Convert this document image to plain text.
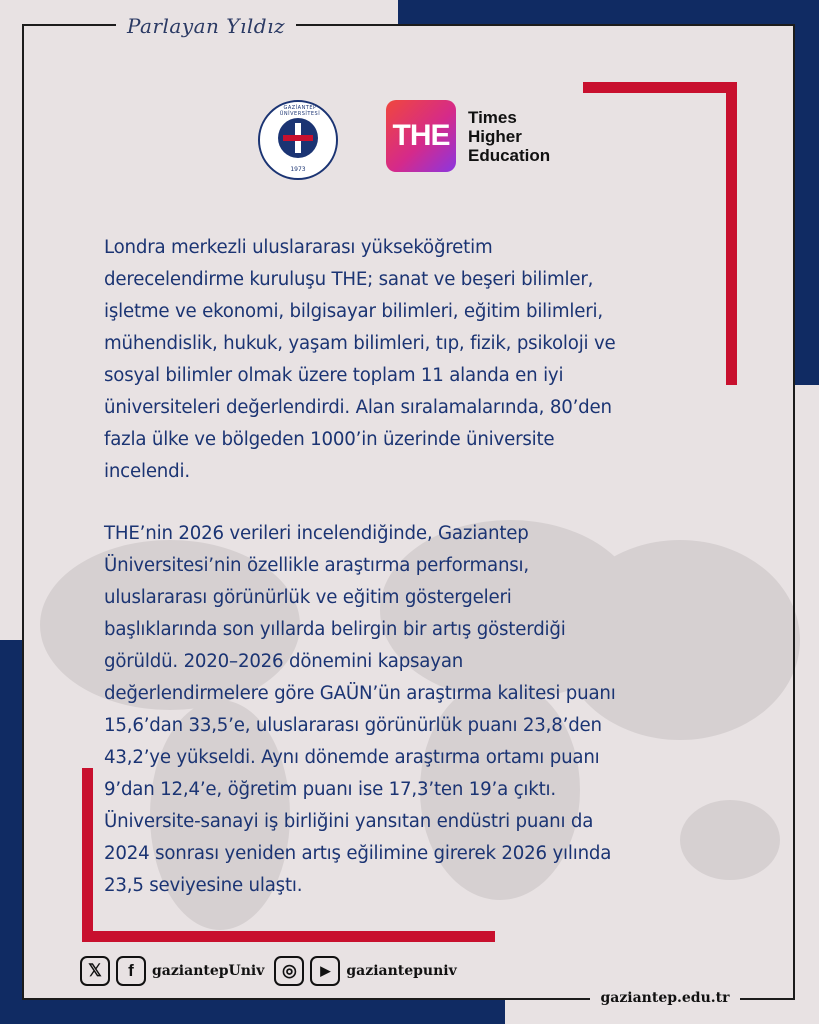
Parlayan Yıldız
GAZİANTEP ÜNİVERSİTESİ
1973
THE
Times
Higher
Education

Londra merkezli uluslararası yükseköğretim

derecelendirme kuruluşu THE; sanat ve beşeri bilimler,

işletme ve ekonomi, bilgisayar bilimleri, eğitim bilimleri,

mühendislik, hukuk, yaşam bilimleri, tıp, fizik, psikoloji ve

sosyal bilimler olmak üzere toplam 11 alanda en iyi

üniversiteleri değerlendirdi. Alan sıralamalarında, 80’den

fazla ülke ve bölgeden 1000’in üzerinde üniversite

incelendi.

THE’nin 2026 verileri incelendiğinde, Gaziantep

Üniversitesi’nin özellikle araştırma performansı,

uluslararası görünürlük ve eğitim göstergeleri

başlıklarında son yıllarda belirgin bir artış gösterdiği

görüldü. 2020–2026 dönemini kapsayan

değerlendirmelere göre GAÜN’ün araştırma kalitesi puanı

15,6’dan 33,5’e, uluslararası görünürlük puanı 23,8’den

43,2’ye yükseldi. Aynı dönemde araştırma ortamı puanı

9’dan 12,4’e, öğretim puanı ise 17,3’ten 19’a çıktı.

Üniversite-sanayi iş birliğini yansıtan endüstri puanı da

2024 sonrası yeniden artış eğilimine girerek 2026 yılında

23,5 seviyesine ulaştı.

𝕏	f	gaziantepUniv	◎	▶	gaziantepuniv
gaziantep.edu.tr
